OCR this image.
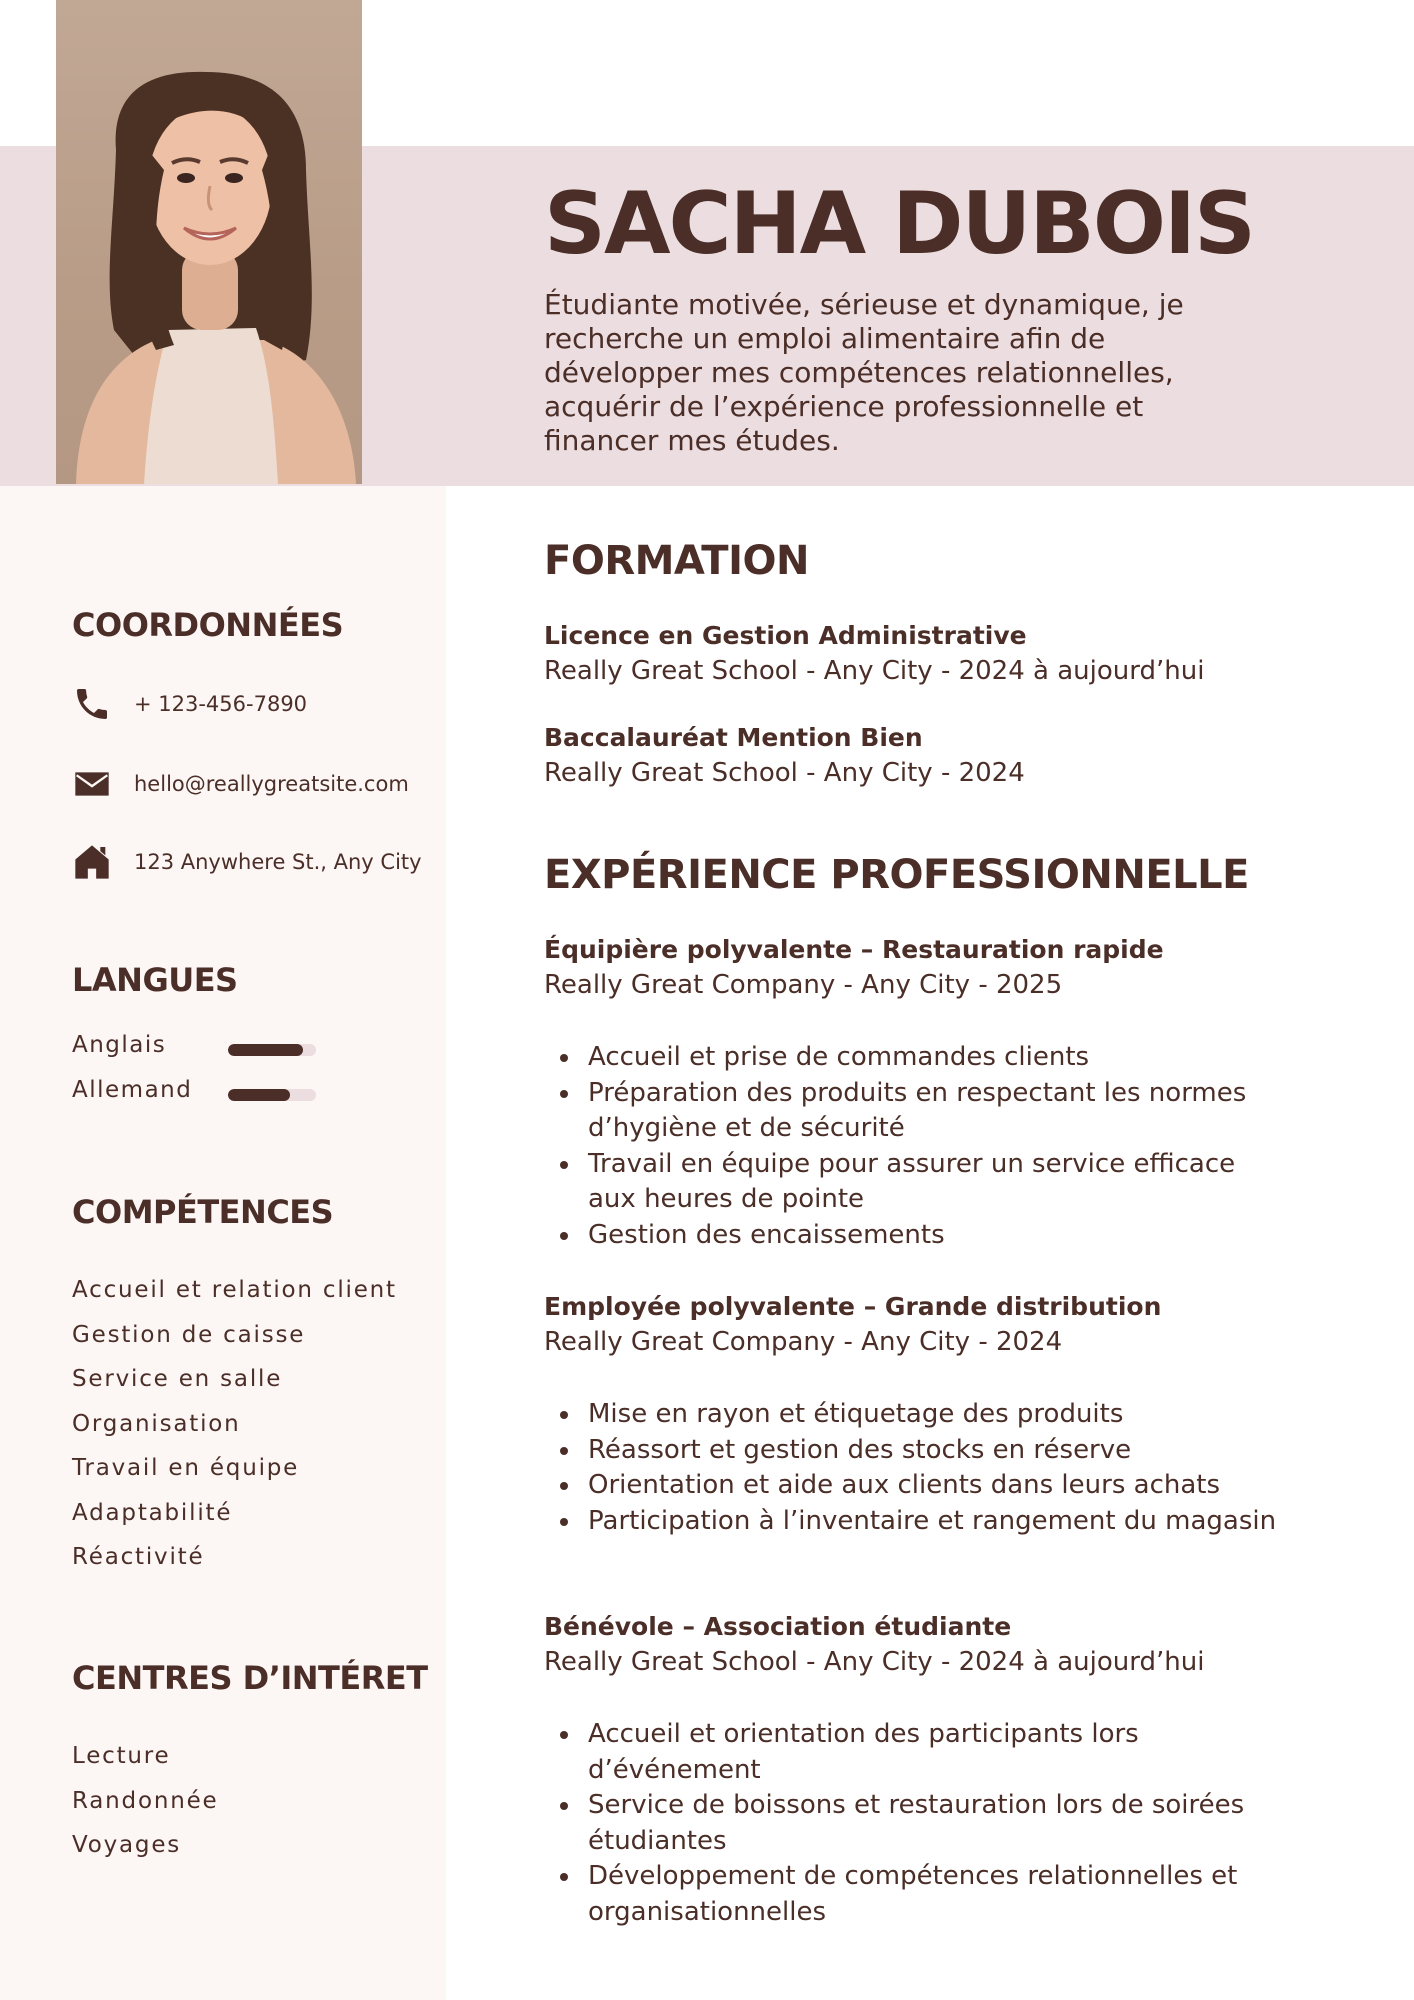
SACHA DUBOIS
Étudiante motivée, sérieuse et dynamique, je recherche un emploi alimentaire afin de développer mes compétences relationnelles, acquérir de l’expérience professionnelle et financer mes études.
COORDONNÉES
+ 123-456-7890
hello@reallygreatsite.com
123 Anywhere St., Any City
LANGUES
Anglais
Allemand
COMPÉTENCES
Accueil et relation client
Gestion de caisse
Service en salle
Organisation
Travail en équipe
Adaptabilité
Réactivité
CENTRES D’INTÉRET
Lecture
Randonnée
Voyages
FORMATION
Licence en Gestion Administrative
Really Great School - Any City - 2024 à aujourd’hui
Baccalauréat Mention Bien
Really Great School - Any City - 2024
EXPÉRIENCE PROFESSIONNELLE
Équipière polyvalente – Restauration rapide
Really Great Company - Any City - 2025
Accueil et prise de commandes clients
Préparation des produits en respectant les normes d’hygiène et de sécurité
Travail en équipe pour assurer un service efficace aux heures de pointe
Gestion des encaissements
Employée polyvalente – Grande distribution
Really Great Company - Any City - 2024
Mise en rayon et étiquetage des produits
Réassort et gestion des stocks en réserve
Orientation et aide aux clients dans leurs achats
Participation à l’inventaire et rangement du magasin
Bénévole – Association étudiante
Really Great School - Any City - 2024 à aujourd’hui
Accueil et orientation des participants lors d’événement
Service de boissons et restauration lors de soirées étudiantes
Développement de compétences relationnelles et organisationnelles
